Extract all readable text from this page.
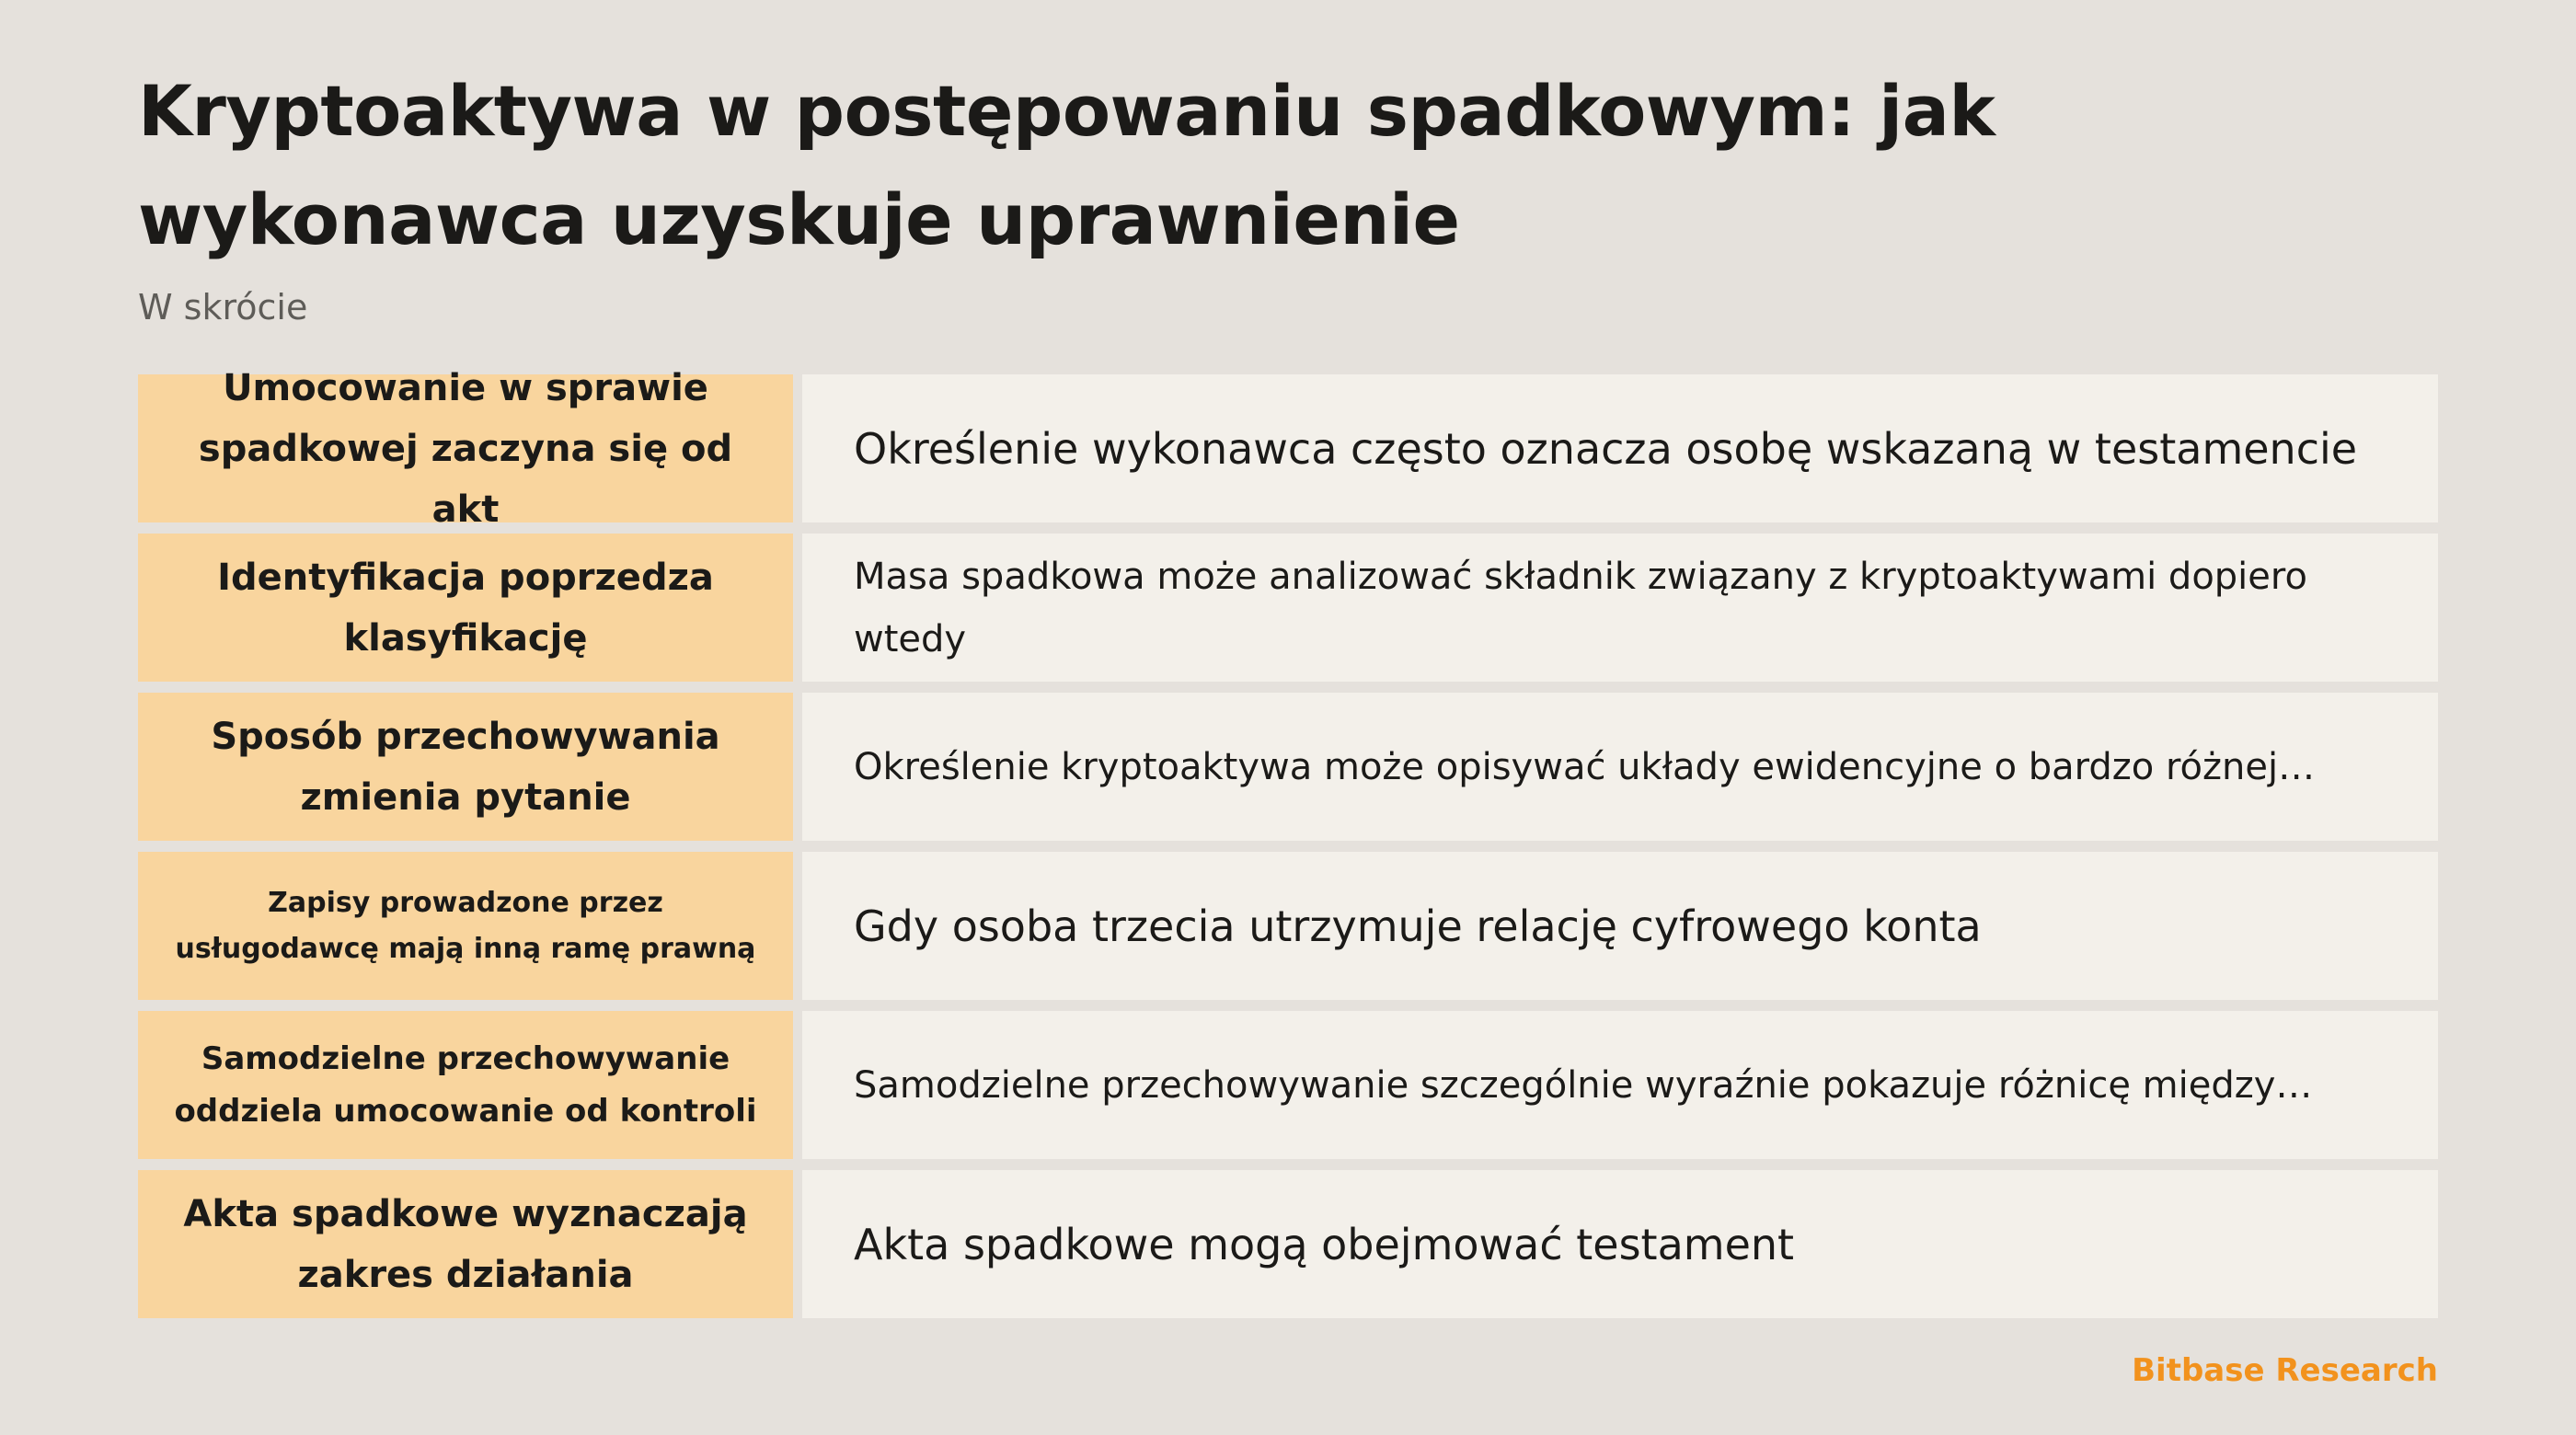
Kryptoaktywa w postępowaniu spadkowym: jak wykonawca uzyskuje uprawnienie
W skrócie
Umocowanie w sprawie spadkowej zaczyna się od akt
Określenie wykonawca często oznacza osobę wskazaną w testamencie
Identyfikacja poprzedza klasyfikację
Masa spadkowa może analizować składnik związany z kryptoaktywami dopiero wtedy
Sposób przechowywania zmienia pytanie
Określenie kryptoaktywa może opisywać układy ewidencyjne o bardzo różnej…
Zapisy prowadzone przez usługodawcę mają inną ramę prawną	Gdy osoba trzecia utrzymuje relację cyfrowego konta
Samodzielne przechowywanie oddziela umocowanie od kontroli
Samodzielne przechowywanie szczególnie wyraźnie pokazuje różnicę między…
Akta spadkowe wyznaczają zakres działania
Akta spadkowe mogą obejmować testament
Bitbase Research
